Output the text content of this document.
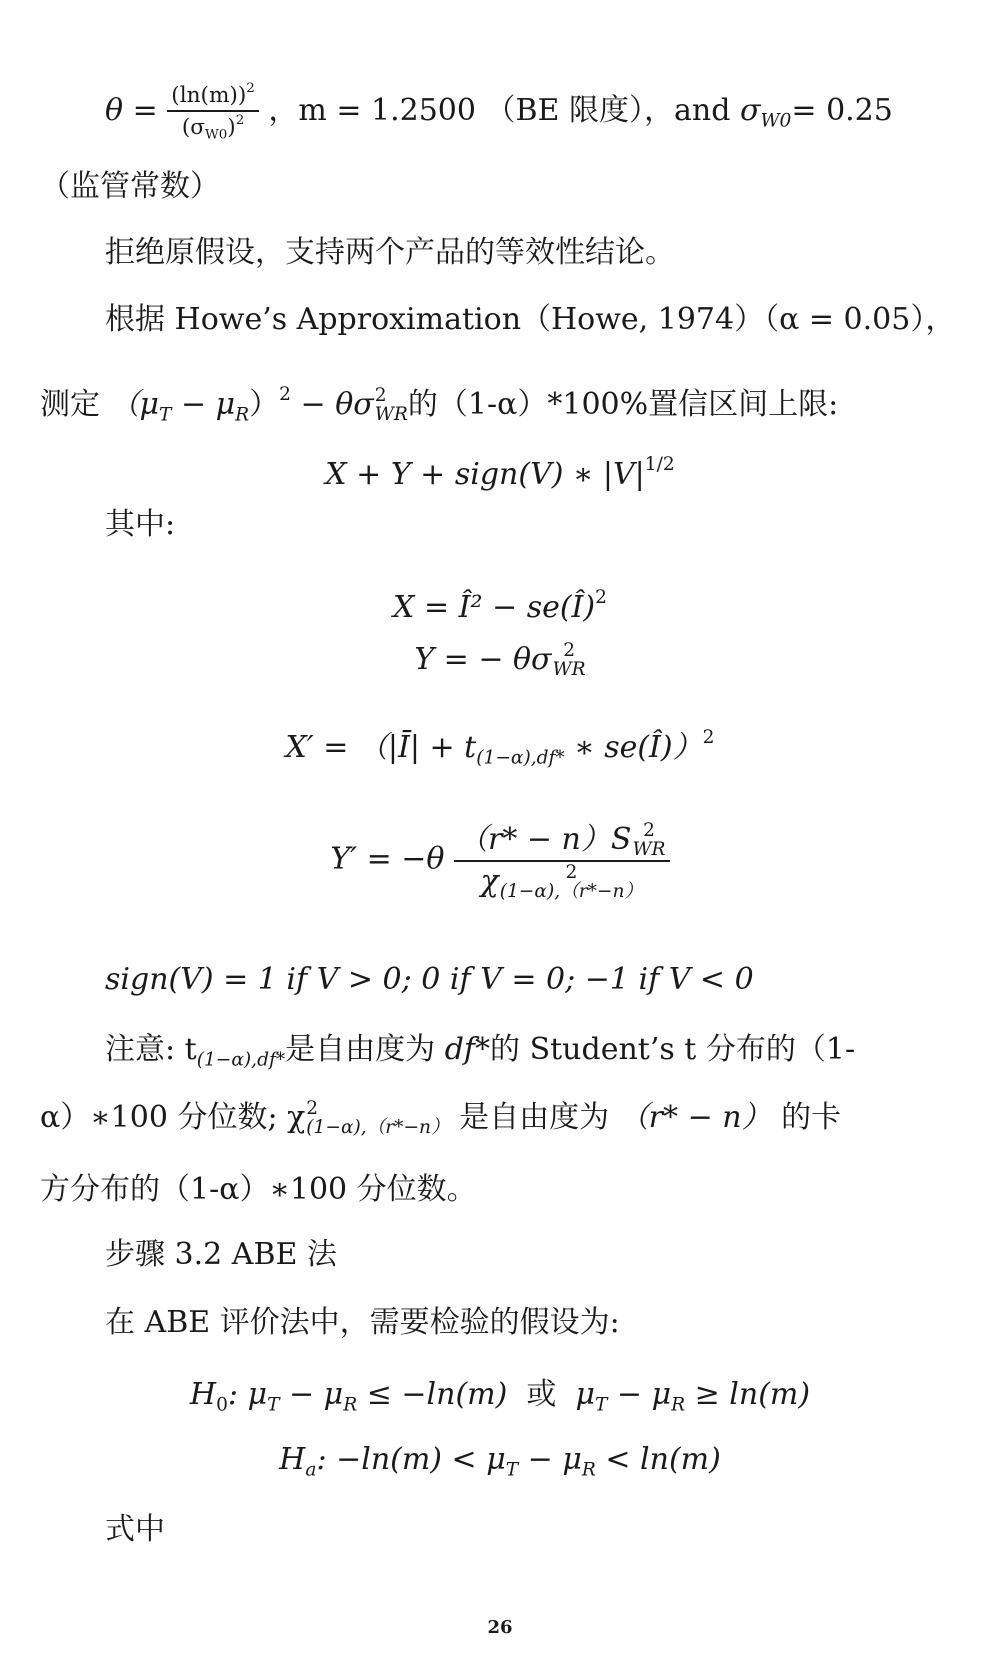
$\theta = \frac{(\ln(m))^2}{(\sigma_{W0})^2}$ ，m = 1.2500 （BE 限度），and $\sigma_{W0}= 0.25$
（监管常数）
拒绝原假设，支持两个产品的等效性结论。
根据 Howe’s Approximation（Howe, 1974）（α = 0.05），
测定 $(\mu_T - \mu_R)^2 - \theta\sigma$ 2
WR 的（1-α）*100%置信区间上限:
X + Y + sign(V) ∗ $|V|^{1/2}$
其中:
X = Î² − se(Î)$^2$
Y = − θσ 2
WR
X′ = （|Ī| + $t_{(1-\alpha),df*}$ ∗ se(Î)）$^2$
Y′ = −θ （r* − n）S 2
WR
χ	2
(1−α),（r*−n）
sign(V) = 1 if V > 0; 0 if V = 0; −1 if V < 0
注意: $t_{(1-\alpha),df*}$是自由度为 df*的 Student’s t 分布的（1-
α）∗100 分位数; χ 2
(1−α),（r*−n） 是自由度为 （r* − n） 的卡
方分布的（1-α）∗100 分位数。
步骤 3.2 ABE 法
在 ABE 评价法中，需要检验的假设为:
$H_0$: $\mu_T - \mu_R \le -\ln(m)$ 或 $\mu_T - \mu_R \ge \ln(m)$
$H_a$: $-\ln(m) < \mu_T - \mu_R < \ln(m)$
式中
26
